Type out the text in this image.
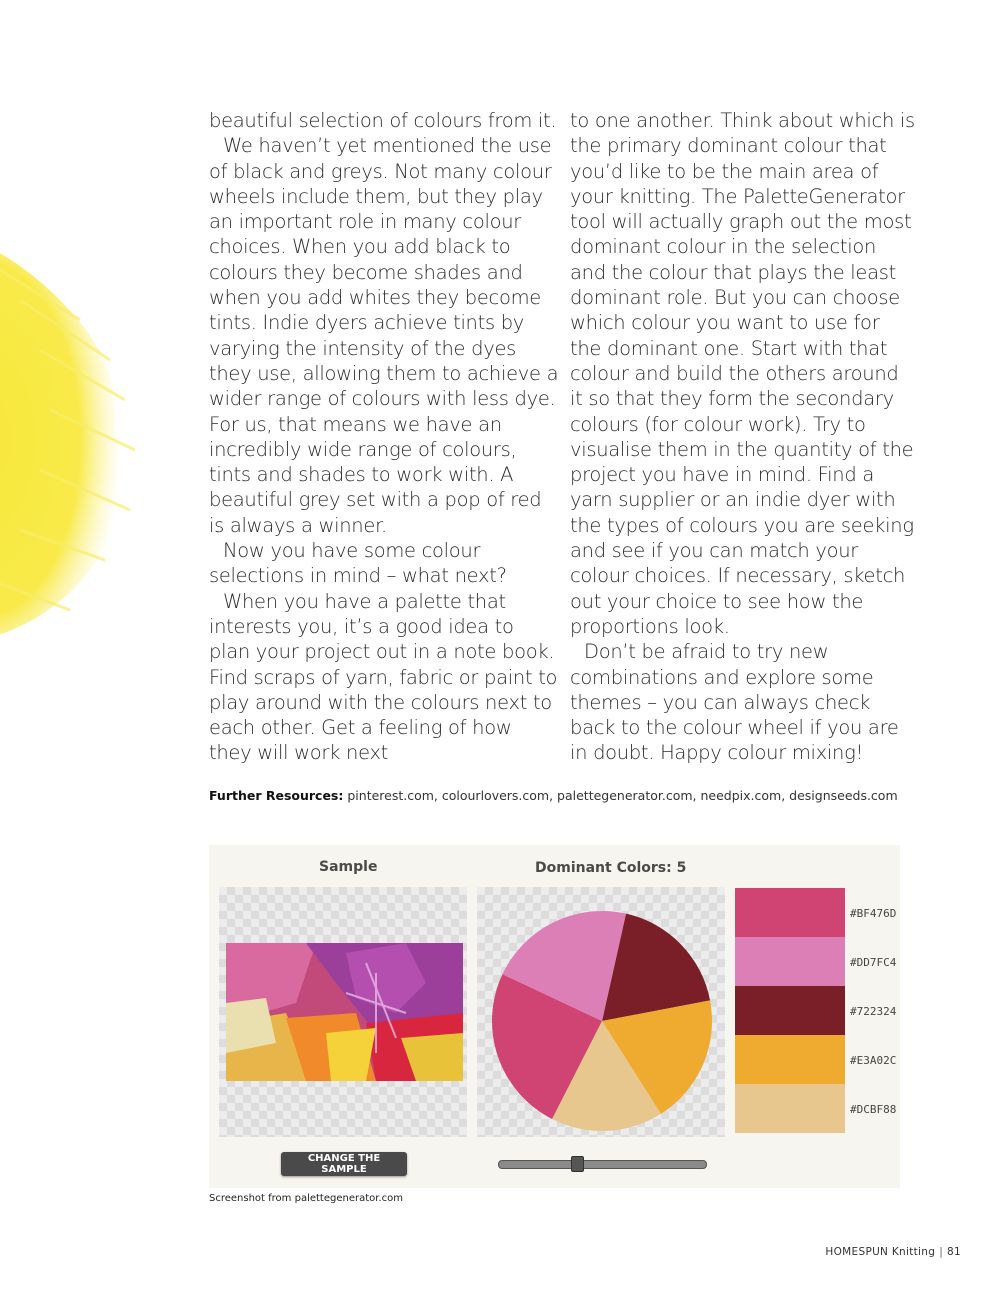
beautiful selection of colours from it.

We haven’t yet mentioned the use of black and greys. Not many colour wheels include them, but they play an important role in many colour choices. When you add black to colours they become shades and when you add whites they become tints. Indie dyers achieve tints by varying the intensity of the dyes they use, allowing them to achieve a wider range of colours with less dye. For us, that means we have an incredibly wide range of colours, tints and shades to work with. A beautiful grey set with a pop of red is always a winner.

Now you have some colour selections in mind – what next?

When you have a palette that interests you, it’s a good idea to plan your project out in a note book. Find scraps of yarn, fabric or paint to play around with the colours next to each other. Get a feeling of how they will work next

to one another. Think about which is the primary dominant colour that you’d like to be the main area of your knitting. The PaletteGenerator tool will actually graph out the most dominant colour in the selection and the colour that plays the least dominant role. But you can choose which colour you want to use for the dominant one. Start with that colour and build the others around it so that they form the secondary colours (for colour work). Try to visualise them in the quantity of the project you have in mind. Find a yarn supplier or an indie dyer with the types of colours you are seeking and see if you can match your colour choices. If necessary, sketch out your choice to see how the proportions look.

Don’t be afraid to try new combinations and explore some themes – you can always check back to the colour wheel if you are in doubt. Happy colour mixing!

Further Resources: pinterest.com, colourlovers.com, palettegenerator.com, needpix.com, designseeds.com
Sample	Dominant Colors: 5
CHANGE THE SAMPLE
#BF476D
#DD7FC4
#722324
#E3A02C
#DCBF88
Screenshot from palettegenerator.com
HOMESPUN Knitting | 81
